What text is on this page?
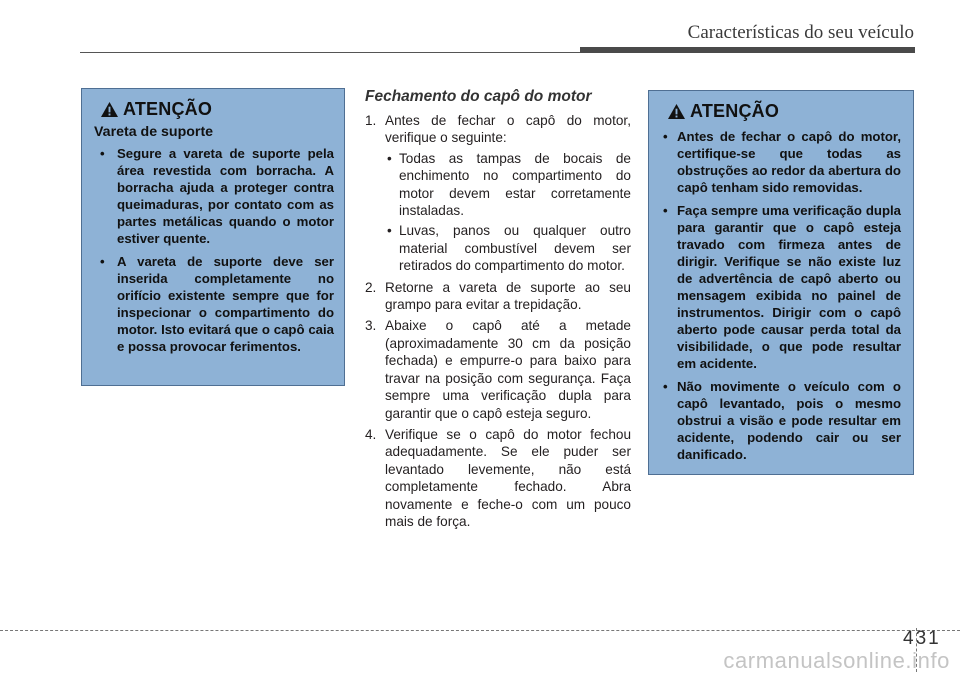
Características do seu veículo
ATENÇÃO
Vareta de suporte
• Segure a vareta de suporte pela área revestida com borracha. A borracha ajuda a proteger contra queimaduras, por contato com as partes metálicas quando o motor estiver quente.
• A vareta de suporte deve ser inserida completamente no orifício existente sempre que for inspecionar o compartimento do motor. Isto evitará que o capô caia e possa provocar ferimentos.
Fechamento do capô do motor
1. Antes de fechar o capô do motor, verifique o seguinte:
• Todas as tampas de bocais de enchimento no compartimento do motor devem estar corretamente instaladas.
• Luvas, panos ou qualquer outro material combustível devem ser retirados do compartimento do motor.
2. Retorne a vareta de suporte ao seu grampo para evitar a trepidação.
3. Abaixe o capô até a metade (aproximadamente 30 cm da posição fechada) e empurre-o para baixo para travar na posição com segurança. Faça sempre uma verificação dupla para garantir que o capô esteja seguro.
4. Verifique se o capô do motor fechou adequadamente. Se ele puder ser levantado levemente, não está completamente fechado. Abra novamente e feche-o com um pouco mais de força.
ATENÇÃO
• Antes de fechar o capô do motor, certifique-se que todas as obstruções ao redor da abertura do capô tenham sido removidas.
• Faça sempre uma verificação dupla para garantir que o capô esteja travado com firmeza antes de dirigir. Verifique se não existe luz de advertência de capô aberto ou mensagem exibida no painel de instrumentos. Dirigir com o capô aberto pode causar perda total da visibilidade, o que pode resultar em acidente.
• Não movimente o veículo com o capô levantado, pois o mesmo obstrui a visão e pode resultar em acidente, podendo cair ou ser danificado.
431
carmanualsonline.info
